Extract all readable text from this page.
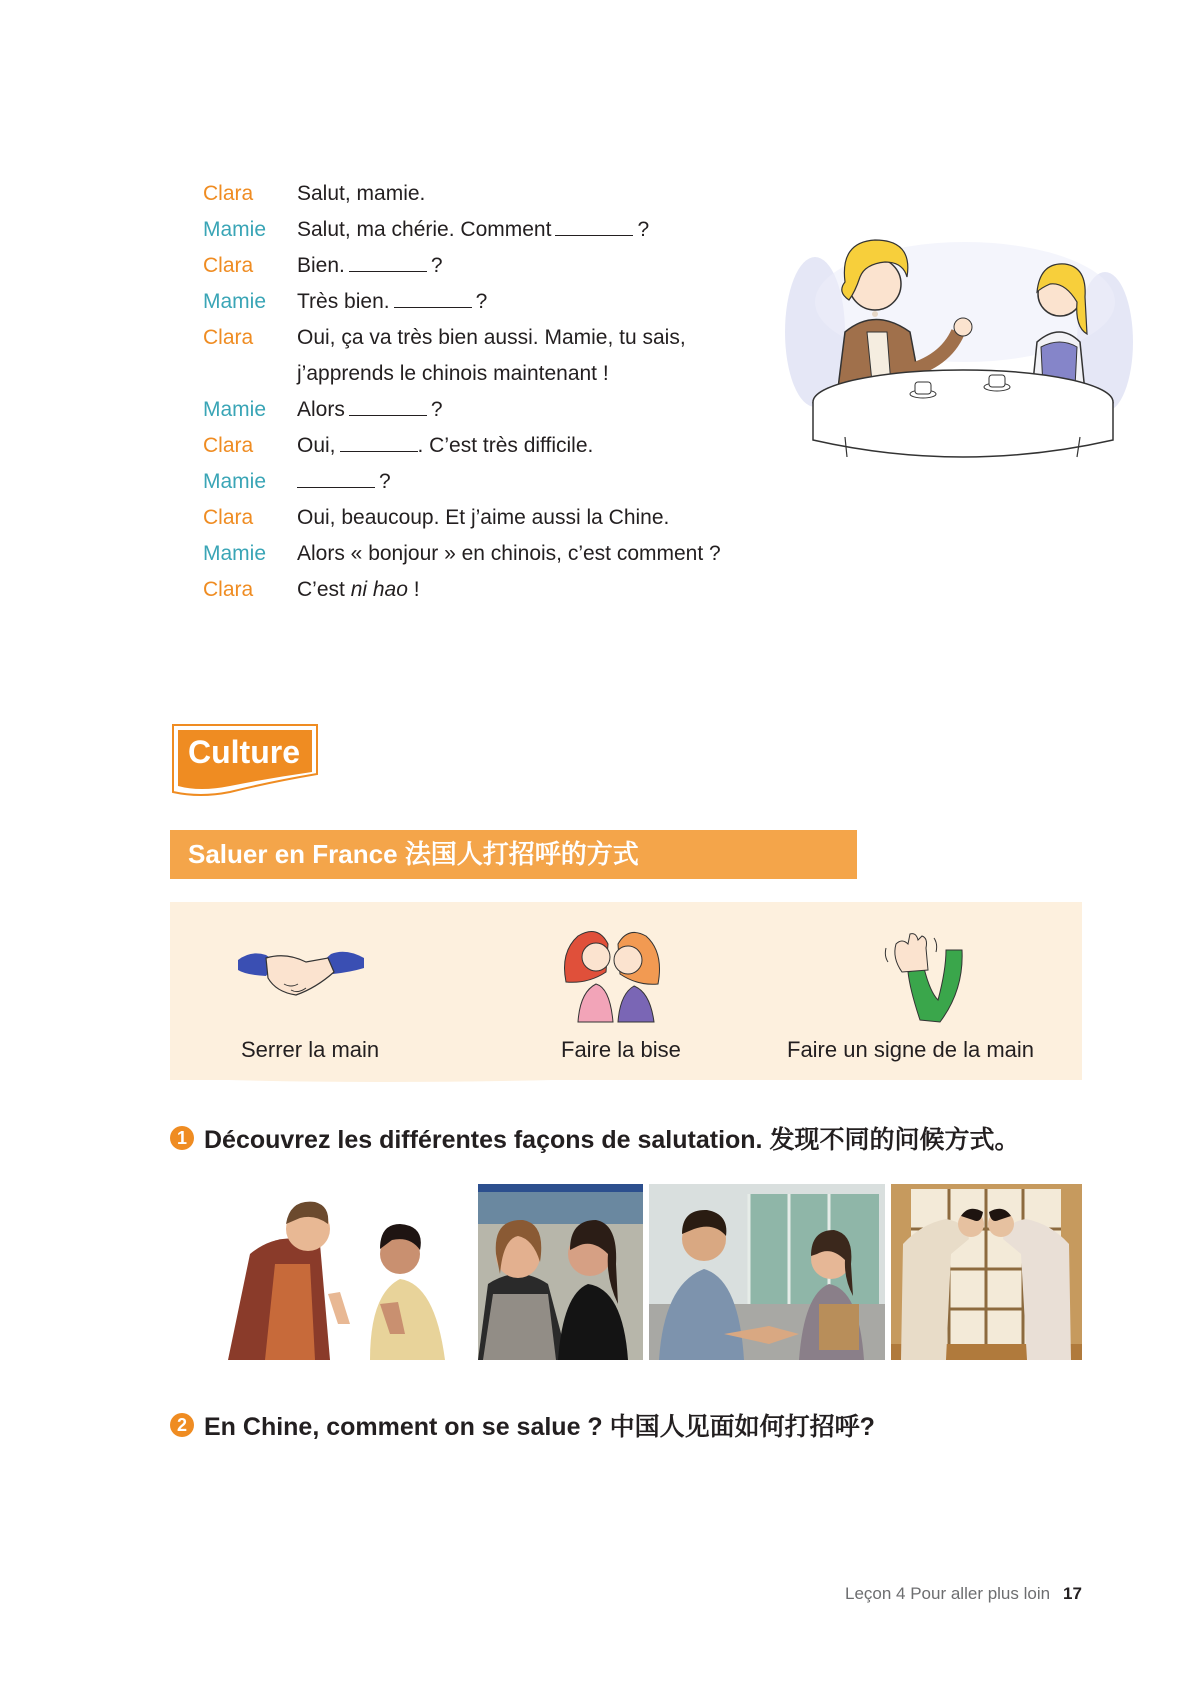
Clara	Salut, mamie.
Mamie	Salut, ma chérie. Comment	?
Clara	Bien.	?
Mamie	Très bien.	?
Clara	Oui, ça va très bien aussi. Mamie, tu sais,
j’apprends le chinois maintenant !
Mamie	Alors	?
Clara	Oui,	. C’est très difficile.
Mamie	?
Clara	Oui, beaucoup. Et j’aime aussi la Chine.
Mamie	Alors « bonjour » en chinois, c’est comment ?
Clara	C’est ni hao !
Culture
Saluer en France 法国人打招呼的方式
Serrer la main	Faire la bise	Faire un signe de la main
1 Découvrez les différentes façons de salutation. 发现不同的问候方式。
2 En Chine, comment on se salue ? 中国人见面如何打招呼?
Leçon 4 Pour aller plus loin 17
